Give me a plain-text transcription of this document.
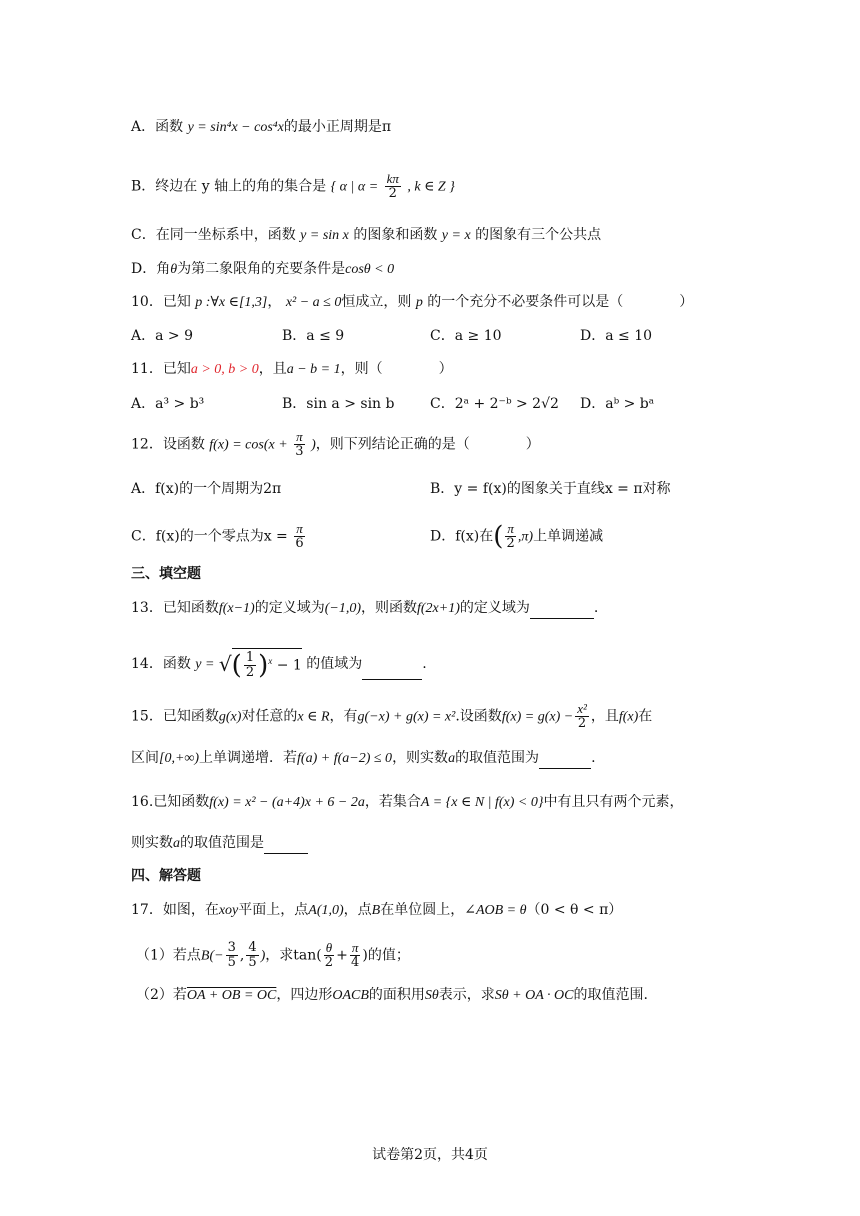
A．函数 y = sin⁴x − cos⁴x的最小正周期是π
B．终边在 y 轴上的角的集合是 { α | $\alpha = \frac{k\pi}{2}$ , k ∈ Z }
C．在同一坐标系中，函数 y = sin x 的图象和函数 y = x 的图象有三个公共点
D．角θ为第二象限角的充要条件是cosθ < 0
10．已知 p :∀x ∈[1,3]， x² − a ≤ 0恒成立，则 p 的一个充分不必要条件可以是（　　　　）
A．a > 9	B．a ≤ 9	C．a ≥ 10	D．a ≤ 10
11．已知a > 0, b > 0，且a − b = 1，则（　　　　）
A．a³ > b³	B．sin a > sin b	C．2ᵃ + 2⁻ᵇ > 2√2 D．aᵇ > bᵃ
12．设函数 $f(x) = \cos(x + \frac{\pi}{3}$ )，则下列结论正确的是（　　　　）
A．f(x)的一个周期为2π	B．y = f(x)的图象关于直线x = π对称
C．f(x)的一个零点为$x = \frac{\pi}{6}$	D．f(x)在( $\frac{\pi}{2} ,\pi$)上单调递减
三、填空题
13．已知函数f(x−1)的定义域为(−1,0)，则函数f(2x+1)的定义域为	.
14．函数 y = √( $\frac{1}{2} )^x - 1$ 的值域为	.
15．已知函数g(x)对任意的x ∈ R，有g(−x) + g(x) = x².设函数$f(x) = g(x) - \frac{\text{x²}}{2}$ ，且f(x)在
区间[0,+∞)上单调递增．若f(a) + f(a−2) ≤ 0，则实数a的取值范围为	.
16.已知函数f(x) = x² − (a+4)x + 6 − 2a，若集合A = {x ∈ N | f(x) < 0}中有且只有两个元素，
则实数a的取值范围是
四、解答题
17．如图，在xoy平面上，点A(1,0)，点B在单位圆上，∠AOB = θ（0 < θ < π）
（1）若点$B(- \frac{3}{5}$ , $\frac{4}{5}$ )，求$\tan( \frac{\theta}{2} + \frac{\pi}{4}$ )的值；
（2）若OA + OB = OC，四边形OACB的面积用Sθ表示，求Sθ + OA · OC的取值范围.
试卷第2页，共4页
